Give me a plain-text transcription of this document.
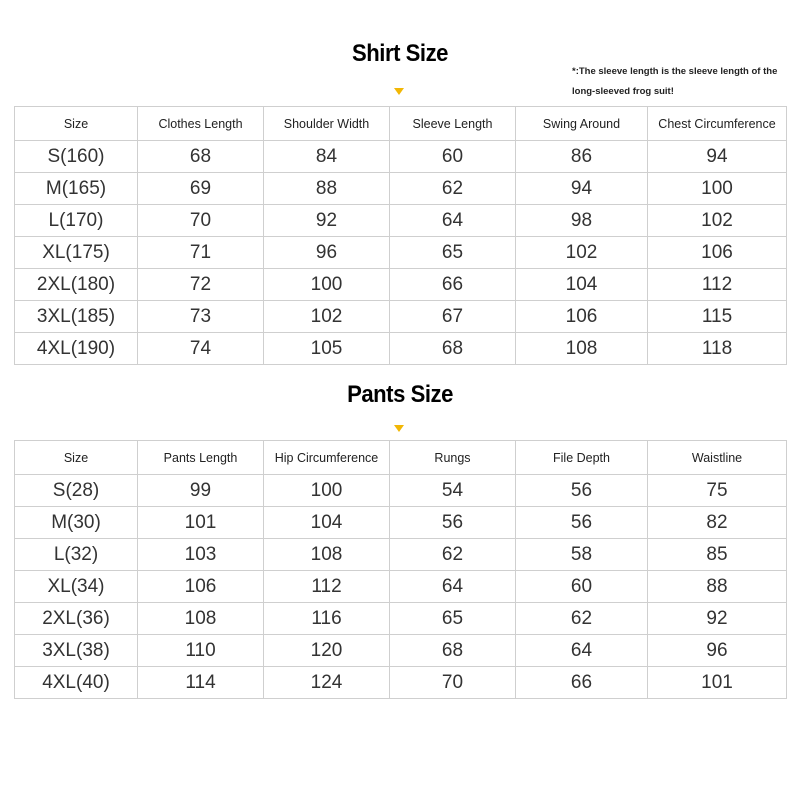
Shirt Size
*:The sleeve length is the sleeve length of the long-sleeved frog suit!
Size	Clothes Length	Shoulder Width	Sleeve Length	Swing Around	Chest Circumference
S(160)	68	84	60	86	94
M(165)	69	88	62	94	100
L(170)	70	92	64	98	102
XL(175)	71	96	65	102	106
2XL(180)	72	100	66	104	112
3XL(185)	73	102	67	106	115
4XL(190)	74	105	68	108	118
Pants Size
Size	Pants Length	Hip Circumference	Rungs	File Depth	Waistline
S(28)	99	100	54	56	75
M(30)	101	104	56	56	82
L(32)	103	108	62	58	85
XL(34)	106	112	64	60	88
2XL(36)	108	116	65	62	92
3XL(38)	110	120	68	64	96
4XL(40)	114	124	70	66	101
